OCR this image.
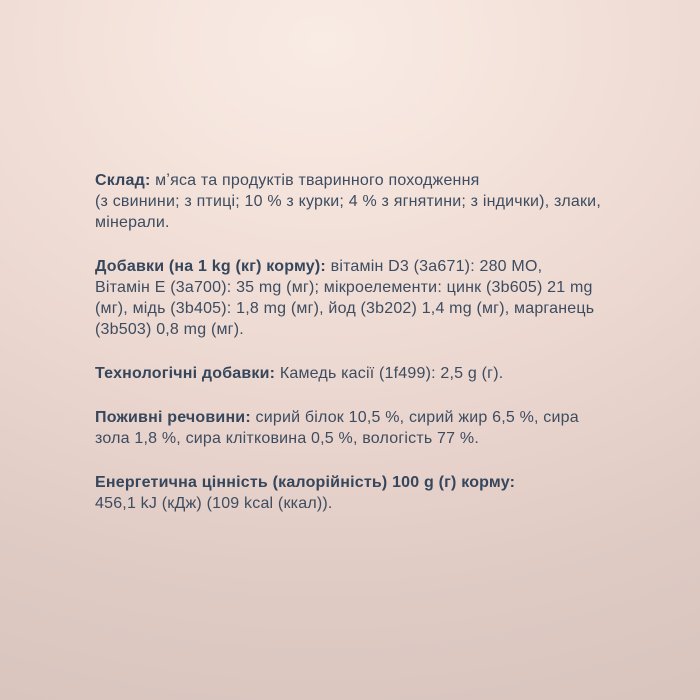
Склад: мʼяса та продуктів тваринного походження
(з свинини; з птиці; 10 % з курки; 4 % з ягнятини; з індички), злаки,
мінерали.

Добавки (на 1 kg (кг) корму): вітамін D3 (3а671): 280 МО,
Вітамін Е (3а700): 35 mg (мг); мікроелементи: цинк (3b605) 21 mg
(мг), мідь (3b405): 1,8 mg (мг), йод (3b202) 1,4 mg (мг), марганець
(3b503) 0,8 mg (мг).

Технологічні добавки: Камедь касії (1f499): 2,5 g (г).

Поживні речовини: сирий білок 10,5 %, сирий жир 6,5 %, сира
зола 1,8 %, сира клітковина 0,5 %, вологість 77 %.

Енергетична цінність (калорійність) 100 g (г) корму:
456,1 kJ (кДж) (109 kcal (ккал)).
